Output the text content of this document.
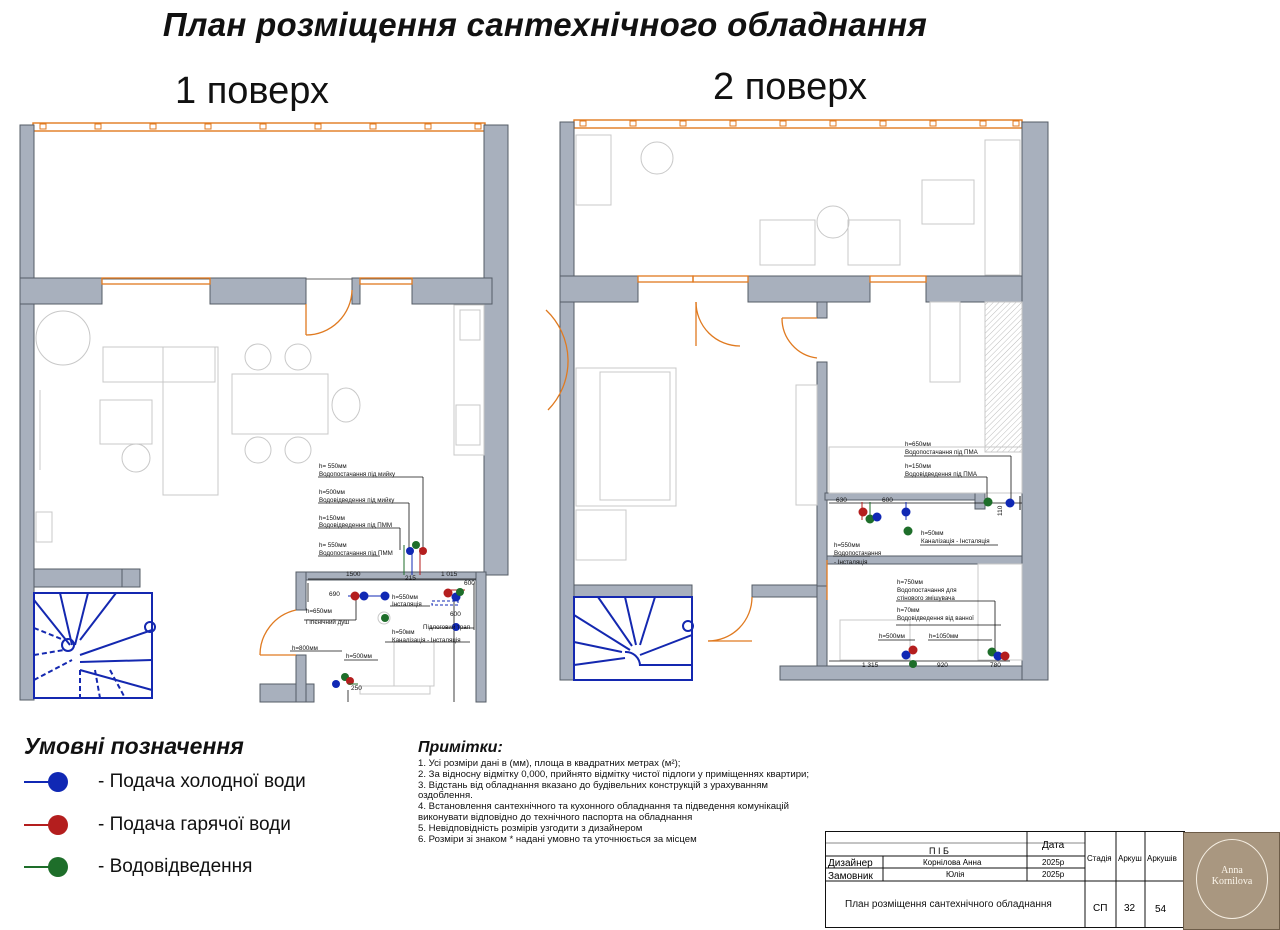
План розміщення сантехнічного обладнання
1 поверх	2 поверх
h= 550мм
Водопостачання під мийку
h=500мм
Водовідведення під мийку
h=150мм
Водовідведення під ПММ
h= 550мм
Водопостачання під ПММ
h=650мм
Гігієнічний душ
h=550мм
Інсталяція
Підлоговий трап
h=50мм
Каналізація - Інсталяція
h=800мм
h=500мм
1500	1 015
600
690
215
600
250
h=650мм
Водопостачання під ПМА
h=150мм
Водовідведення під ПМА
h=50мм
Каналізація - Інсталяція
h=550мм
Водопостачання
- Інсталяція
h=750мм
Водопостачання для
стінового змішувача
h=70мм
Водовідведення від ванної
h=500мм	h=1050мм
630	600
110
1 315	920	780
Умовні позначення
- Подача холодної води
- Подача гарячої води
- Водовідведення
Примітки:
1. Усі розміри дані в (мм), площа в квадратних метрах (м²);
2. За відносну відмітку 0,000, прийнято відмітку чистої підлоги у приміщеннях квартири;
3. Відстань від обладнання вказано до будівельних конструкцій з урахуванням оздоблення.
4. Встановлення сантехнічного та кухонного обладнання та підведення комунікацій виконувати відповідно до технічного паспорта на обладнання
5. Невідповідність розмірів узгодити з дизайнером
6. Розміри зі знаком * надані умовно та уточнюється за місцем
П І Б	Дата
Дизайнер	Корнілова Анна	2025р
Замовник	Юлія	2025р
Стадія Аркуш Аркушів
План розміщення сантехнічного обладнання	СП 32 54
Anna Kornilova
